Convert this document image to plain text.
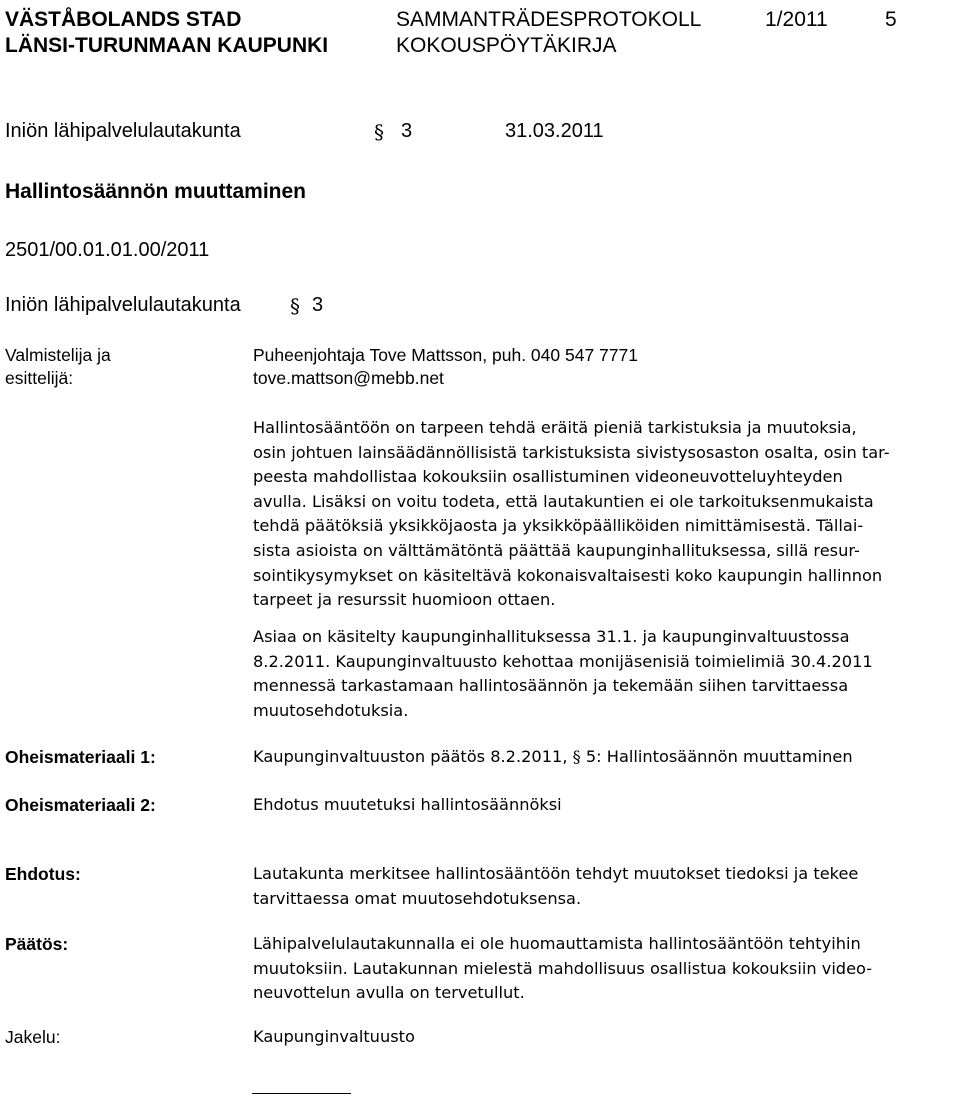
VÄSTÅBOLANDS STAD
LÄNSI-TURUNMAAN KAUPUNKI
SAMMANTRÄDESPROTOKOLL
KOKOUSPÖYTÄKIRJA
1/2011	5
Iniön lähipalvelulautakunta	§ 3	31.03.2011
Hallintosäännön muuttaminen
2501/00.01.01.00/2011
Iniön lähipalvelulautakunta § 3
Valmistelija ja
esittelijä:
Puheenjohtaja Tove Mattsson, puh. 040 547 7771
tove.mattson@mebb.net
Hallintosääntöön on tarpeen tehdä eräitä pieniä tarkistuksia ja muutoksia,
osin johtuen lainsäädännöllisistä tarkistuksista sivistysosaston osalta, osin tar-
peesta mahdollistaa kokouksiin osallistuminen videoneuvotteluyhteyden
avulla. Lisäksi on voitu todeta, että lautakuntien ei ole tarkoituksenmukaista
tehdä päätöksiä yksikköjaosta ja yksikköpäälliköiden nimittämisestä. Tällai-
sista asioista on välttämätöntä päättää kaupunginhallituksessa, sillä resur-
sointikysymykset on käsiteltävä kokonaisvaltaisesti koko kaupungin hallinnon
tarpeet ja resurssit huomioon ottaen.
Asiaa on käsitelty kaupunginhallituksessa 31.1. ja kaupunginvaltuustossa
8.2.2011. Kaupunginvaltuusto kehottaa monijäsenisiä toimielimiä 30.4.2011
mennessä tarkastamaan hallintosäännön ja tekemään siihen tarvittaessa
muutosehdotuksia.
Oheismateriaali 1:	Kaupunginvaltuuston päätös 8.2.2011, § 5: Hallintosäännön muuttaminen
Oheismateriaali 2:	Ehdotus muutetuksi hallintosäännöksi
Ehdotus:	Lautakunta merkitsee hallintosääntöön tehdyt muutokset tiedoksi ja tekee
tarvittaessa omat muutosehdotuksensa.
Päätös:	Lähipalvelulautakunnalla ei ole huomauttamista hallintosääntöön tehtyihin
muutoksiin. Lautakunnan mielestä mahdollisuus osallistua kokouksiin video-
neuvottelun avulla on tervetullut.
Jakelu:	Kaupunginvaltuusto
